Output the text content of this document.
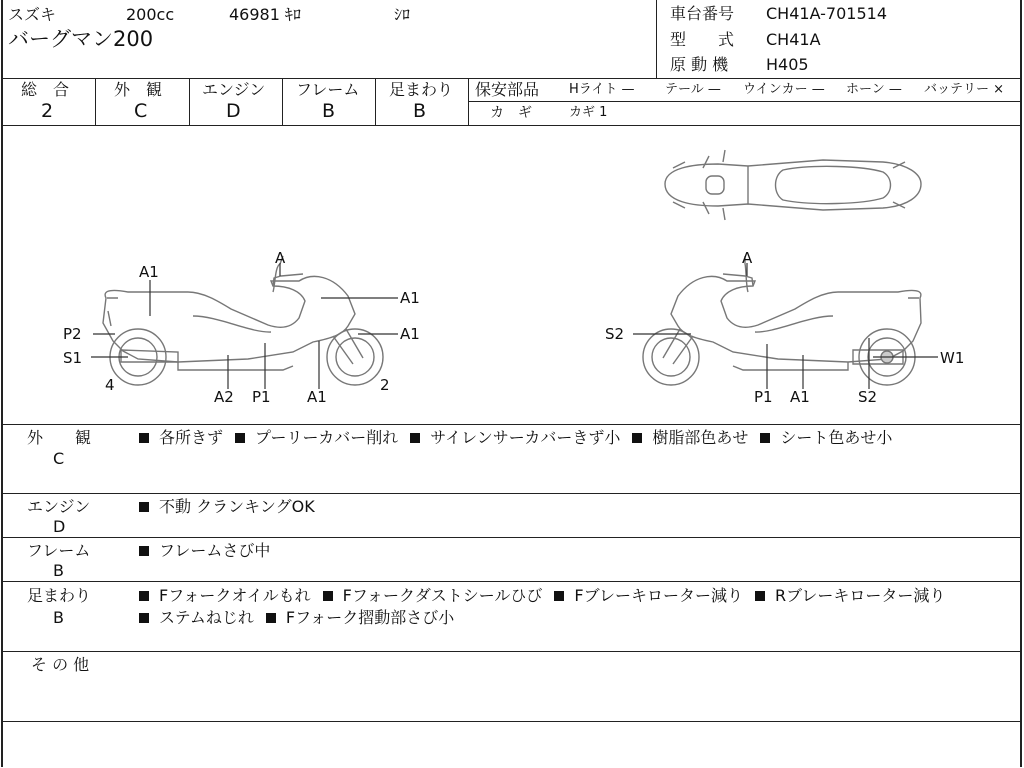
スズキ	200cc	46981 ｷﾛ	ｼﾛ
バーグマン200
車台番号 CH41A-701514
型　　式 CH41A
原 動 機 H405
総　合
2
外　観
C
エンジン
D
フレーム
B
足まわり
B
保安部品 Hライト — テール — ウインカー — ホーン — バッテリー ×
カ　ギ	カギ 1
A1
A
A1
A1
P2
S1
4
A2 P1 A1
2
A
S2
W1
P1 A1	S2
外　　観
C
各所きず プーリーカバー削れ サイレンサーカバーきず小 樹脂部色あせ シート色あせ小
エンジン
D
不動 クランキングOK
フレーム
B
フレームさび中
足まわり
B
Fフォークオイルもれ Fフォークダストシールひび Fブレーキローター減り Rブレーキローター減り
ステムねじれ Fフォーク摺動部さび小
そ の 他
